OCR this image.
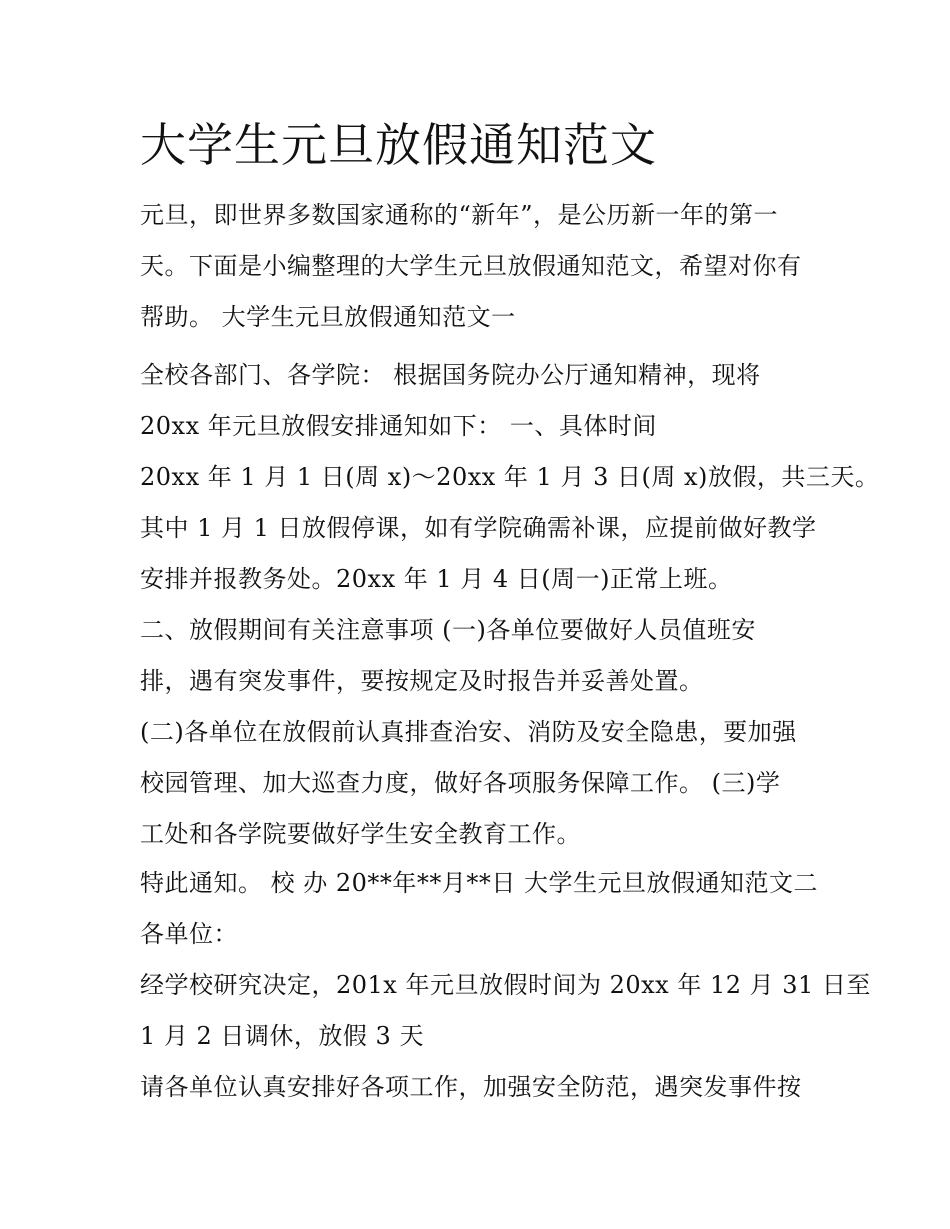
大学生元旦放假通知范文

元旦，即世界多数国家通称的“新年”，是公历新一年的第一

天。下面是小编整理的大学生元旦放假通知范文，希望对你有

帮助。 大学生元旦放假通知范文一

全校各部门、各学院： 根据国务院办公厅通知精神，现将

20xx 年元旦放假安排通知如下： 一、具体时间

20xx 年 1 月 1 日(周 x)～20xx 年 1 月 3 日(周 x)放假，共三天。

其中 1 月 1 日放假停课，如有学院确需补课，应提前做好教学

安排并报教务处。20xx 年 1 月 4 日(周一)正常上班。

二、放假期间有关注意事项 (一)各单位要做好人员值班安

排，遇有突发事件，要按规定及时报告并妥善处置。

(二)各单位在放假前认真排查治安、消防及安全隐患，要加强

校园管理、加大巡查力度，做好各项服务保障工作。 (三)学

工处和各学院要做好学生安全教育工作。

特此通知。 校 办 20**年**月**日 大学生元旦放假通知范文二

各单位：

经学校研究决定，201x 年元旦放假时间为 20xx 年 12 月 31 日至

1 月 2 日调休，放假 3 天

请各单位认真安排好各项工作，加强安全防范，遇突发事件按
